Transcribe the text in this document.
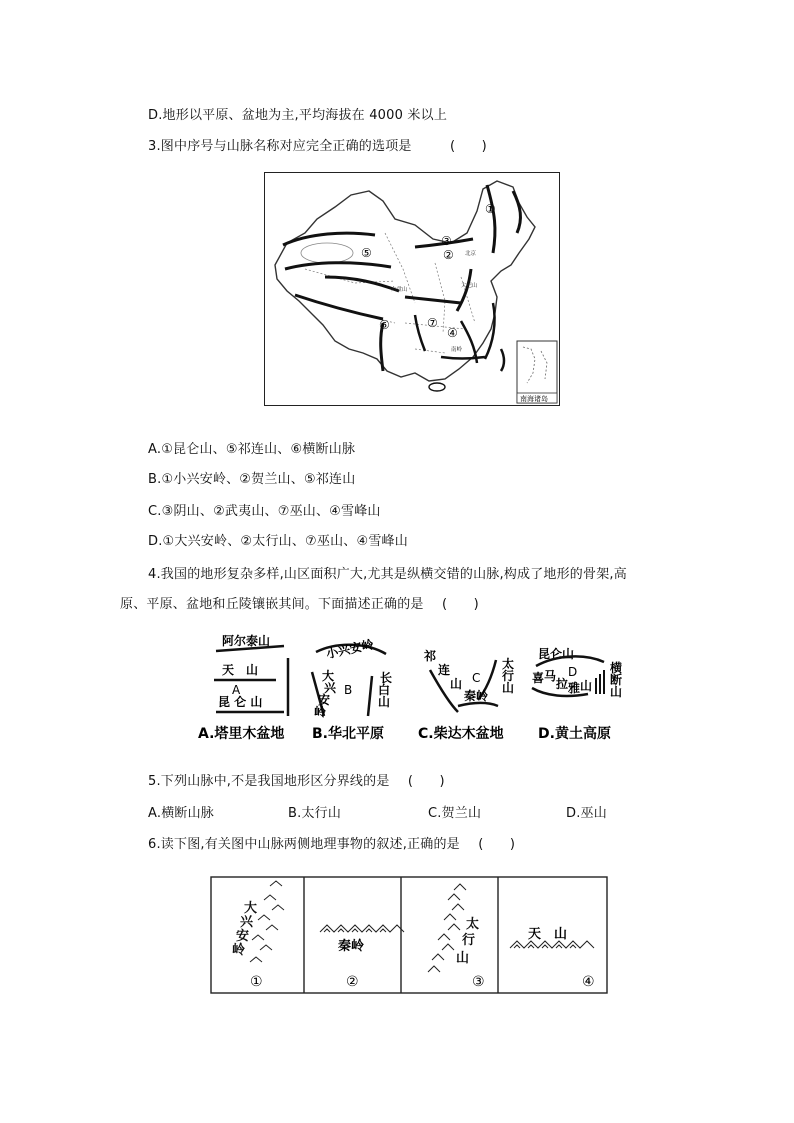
D.地形以平原、盆地为主,平均海拔在 4000 米以上
3.图中序号与山脉名称对应完全正确的选项是	(　　)
①
②
③
④
⑤
⑥	⑦
北京
大巴山
南岭
六盘山
南海诸岛
A.①昆仑山、⑤祁连山、⑥横断山脉
B.①小兴安岭、②贺兰山、⑤祁连山
C.③阴山、②武夷山、⑦巫山、④雪峰山
D.①大兴安岭、②太行山、⑦巫山、④雪峰山
4.我国的地形复杂多样,山区面积广大,尤其是纵横交错的山脉,构成了地形的骨架,高
原、平原、盆地和丘陵镶嵌其间。下面描述正确的是 (　　)
阿尔泰山
天　山
A
昆 仑 山
A.塔里木盆地
小兴安岭
大
兴
安
岭
B
长
白
山
B.华北平原
祁
连
山 C
太
行
山
秦岭
C.柴达木盆地
昆仑山
喜 马
拉 雅 山
D	横
断
山
D.黄土高原
5.下列山脉中,不是我国地形区分界线的是 (　　)
A.横断山脉	B.太行山	C.贺兰山	D.巫山
6.读下图,有关图中山脉两侧地理事物的叙述,正确的是 (　　)
大
兴
安
岭
①
秦岭
②
太
行
山
③
天　山
④
